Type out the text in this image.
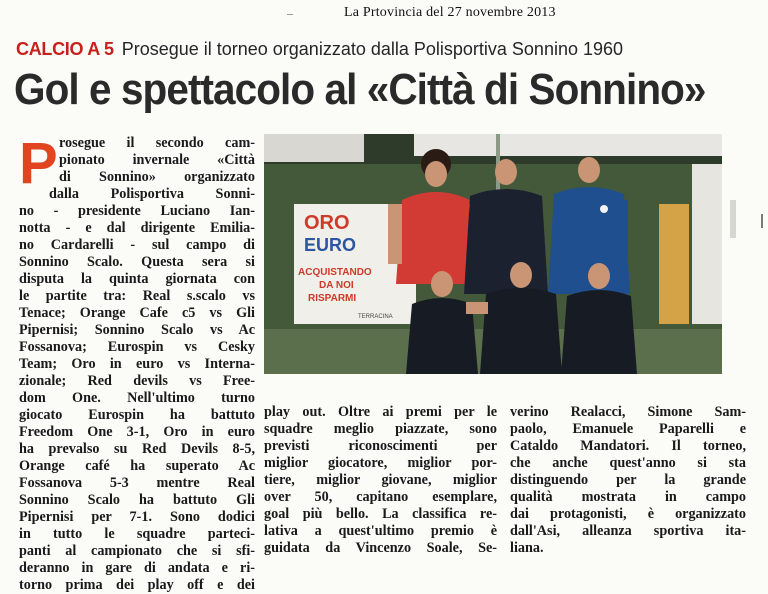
La Prtovincia del 27 novembre 2013
CALCIO A 5 Prosegue il torneo organizzato dalla Polisportiva Sonnino 1960
Gol e spettacolo al «Città di Sonnino»
P rosegue il secondo cam-
pionato invernale «Città
di Sonnino» organizzato
dalla Polisportiva Sonni-
no - presidente Luciano Ian-
notta - e dal dirigente Emilia-
no Cardarelli - sul campo di
Sonnino Scalo. Questa sera si
disputa la quinta giornata con
le partite tra: Real s.scalo vs
Tenace; Orange Cafe c5 vs Gli
Pipernisi; Sonnino Scalo vs Ac
Fossanova; Eurospin vs Cesky
Team; Oro in euro vs Interna-
zionale; Red devils vs Free-
dom One. Nell'ultimo turno
giocato Eurospin ha battuto
Freedom One 3-1, Oro in euro
ha prevalso su Red Devils 8-5,
Orange café ha superato Ac
Fossanova 5-3 mentre Real
Sonnino Scalo ha battuto Gli
Pipernisi per 7-1. Sono dodici
in tutto le squadre parteci-
panti al campionato che si sfi-
deranno in gare di andata e ri-
torno prima dei play off e dei
ORO
EURO
ACQUISTANDO
DA NOI
RISPARMI
TERRACINA
play out. Oltre ai premi per le
squadre meglio piazzate, sono
previsti riconoscimenti per
miglior giocatore, miglior por-
tiere, miglior giovane, miglior
over 50, capitano esemplare,
goal più bello. La classifica re-
lativa a quest'ultimo premio è
guidata da Vincenzo Soale, Se-
verino Realacci, Simone Sam-
paolo, Emanuele Paparelli e
Cataldo Mandatori. Il torneo,
che anche quest'anno si sta
distinguendo per la grande
qualità mostrata in campo
dai protagonisti, è organizzato
dall'Asi, alleanza sportiva ita-
liana.
